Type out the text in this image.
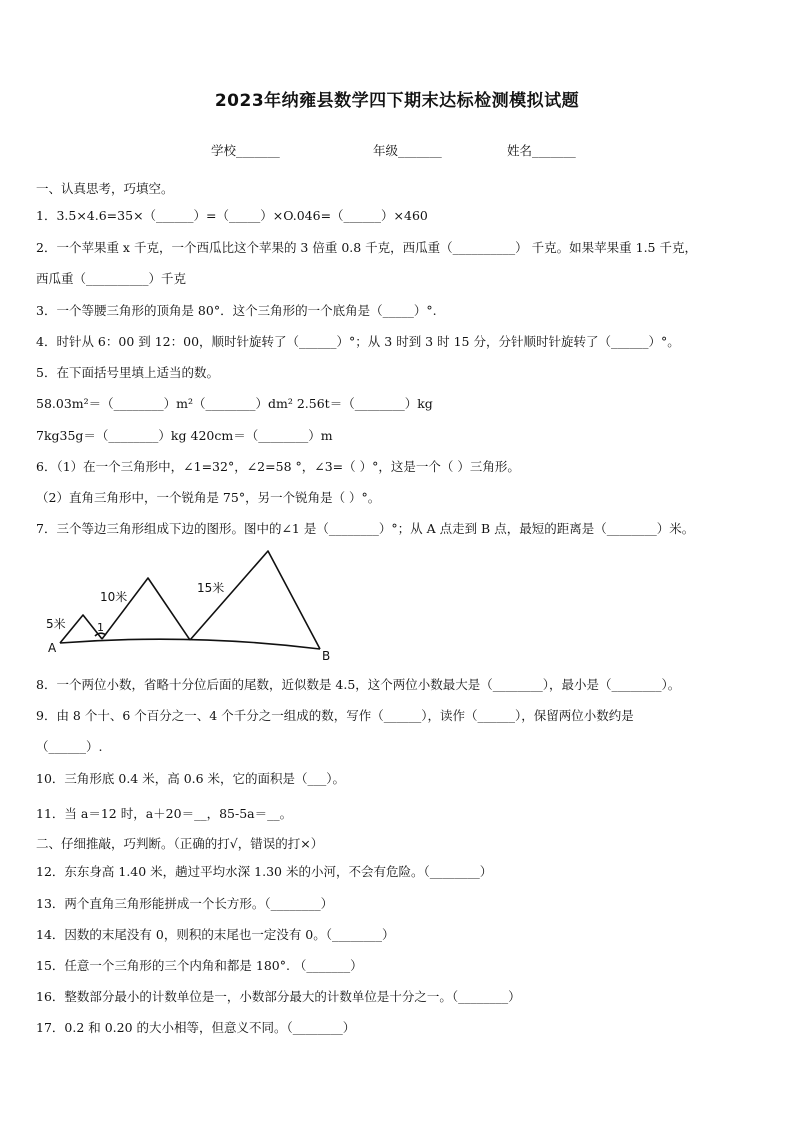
2023年纳雍县数学四下期末达标检测模拟试题
学校_______	年级_______	姓名_______
一、认真思考，巧填空。
1．3.5×4.6=35×（______）=（_____）×O.046=（______）×460
2．一个苹果重 x 千克，一个西瓜比这个苹果的 3 倍重 0.8 千克，西瓜重（__________） 千克。如果苹果重 1.5 千克，
西瓜重（__________）千克
3．一个等腰三角形的顶角是 80°．这个三角形的一个底角是（_____）°.
4．时针从 6：00 到 12：00，顺时针旋转了（______）°；从 3 时到 3 时 15 分，分针顺时针旋转了（______）°。
5．在下面括号里填上适当的数。
58.03m²＝（________）m²（________）dm² 2.56t＝（________）kg
7kg35g＝（________）kg 420cm＝（________）m
6．（1）在一个三角形中，∠1=32°，∠2=58 °，∠3=（ ）°，这是一个（ ）三角形。
（2）直角三角形中，一个锐角是 75°，另一个锐角是（ ）°。
7．三个等边三角形组成下边的图形。图中的∠1 是（________）°；从 A 点走到 B 点，最短的距离是（________）米。
5米
10米
15米
1
A
B
8．一个两位小数，省略十分位后面的尾数，近似数是 4.5，这个两位小数最大是（________），最小是（________）。
9．由 8 个十、6 个百分之一、4 个千分之一组成的数，写作（______），读作（______），保留两位小数约是
（______）.
10．三角形底 0.4 米，高 0.6 米，它的面积是（___）。
11．当 a＝12 时，a＋20＝__，85-5a＝__。
二、仔细推敲，巧判断。（正确的打√，错误的打×）
12．东东身高 1.40 米，趟过平均水深 1.30 米的小河，不会有危险。（________）
13．两个直角三角形能拼成一个长方形。（________）
14．因数的末尾没有 0，则积的末尾也一定没有 0。（________）
15．任意一个三角形的三个内角和都是 180°. （_______）
16．整数部分最小的计数单位是一，小数部分最大的计数单位是十分之一。（________）
17．0.2 和 0.20 的大小相等，但意义不同。（________）
